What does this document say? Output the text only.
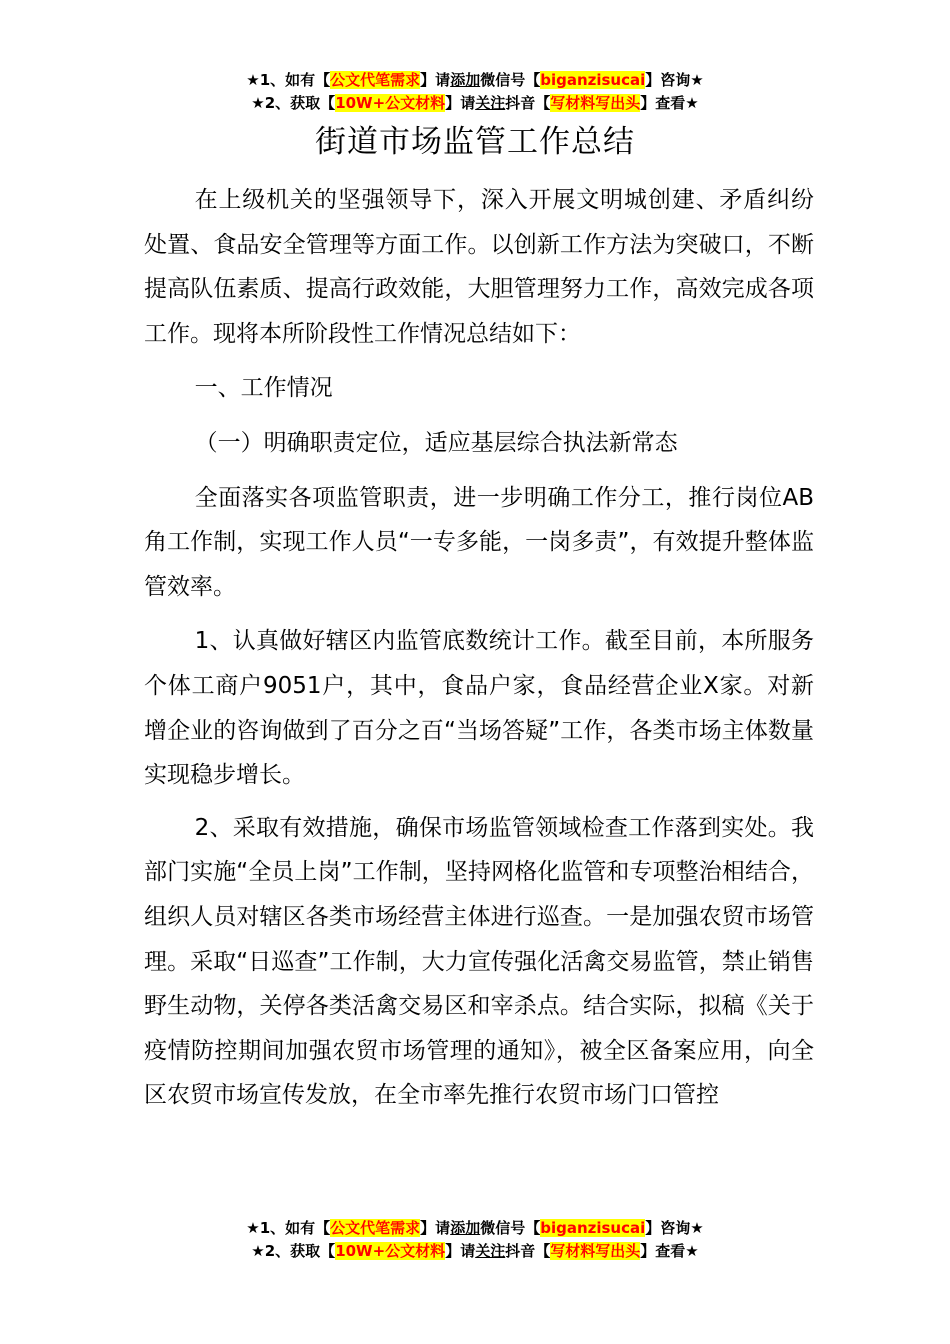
★1、如有【公文代笔需求】请添加微信号【biganzisucai】咨询★
★2、获取【10W+公文材料】请关注抖音【写材料写出头】查看★
街道市场监管工作总结

在上级机关的坚强领导下，深入开展文明城创建、矛盾纠纷处置、食品安全管理等方面工作。以创新工作方法为突破口，不断提高队伍素质、提高行政效能，大胆管理努力工作，高效完成各项工作。现将本所阶段性工作情况总结如下：

一、工作情况

（一）明确职责定位，适应基层综合执法新常态

全面落实各项监管职责，进一步明确工作分工，推行岗位AB角工作制，实现工作人员“一专多能，一岗多责”，有效提升整体监管效率。

1、认真做好辖区内监管底数统计工作。截至目前，本所服务个体工商户9051户，其中，食品户家，食品经营企业X家。对新增企业的咨询做到了百分之百“当场答疑”工作，各类市场主体数量实现稳步增长。

2、采取有效措施，确保市场监管领域检查工作落到实处。我部门实施“全员上岗”工作制，坚持网格化监管和专项整治相结合，组织人员对辖区各类市场经营主体进行巡查。一是加强农贸市场管理。采取“日巡查”工作制，大力宣传强化活禽交易监管，禁止销售野生动物，关停各类活禽交易区和宰杀点。结合实际，拟稿《关于疫情防控期间加强农贸市场管理的通知》，被全区备案应用，向全区农贸市场宣传发放，在全市率先推行农贸市场门口管控

★1、如有【公文代笔需求】请添加微信号【biganzisucai】咨询★
★2、获取【10W+公文材料】请关注抖音【写材料写出头】查看★
